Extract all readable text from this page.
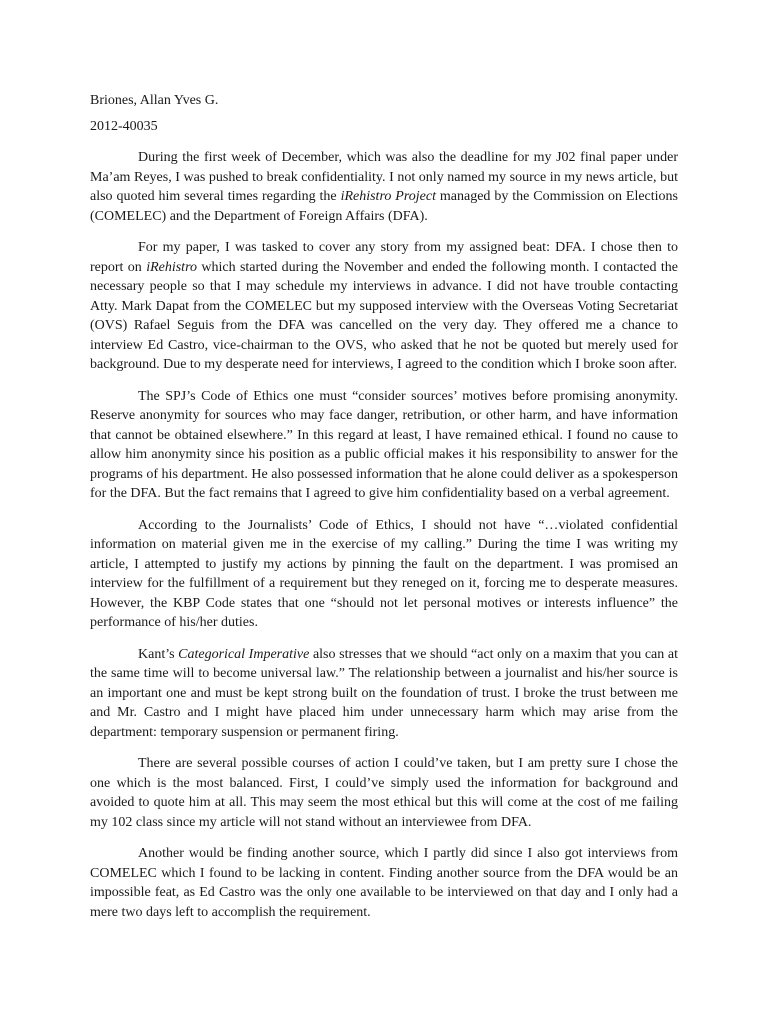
Briones, Allan Yves G.

2012-40035

During the first week of December, which was also the deadline for my J02 final paper under Ma’am Reyes, I was pushed to break confidentiality. I not only named my source in my news article, but also quoted him several times regarding the iRehistro Project managed by the Commission on Elections (COMELEC) and the Department of Foreign Affairs (DFA).

For my paper, I was tasked to cover any story from my assigned beat: DFA. I chose then to report on iRehistro which started during the November and ended the following month. I contacted the necessary people so that I may schedule my interviews in advance. I did not have trouble contacting Atty. Mark Dapat from the COMELEC but my supposed interview with the Overseas Voting Secretariat (OVS) Rafael Seguis from the DFA was cancelled on the very day. They offered me a chance to interview Ed Castro, vice-chairman to the OVS, who asked that he not be quoted but merely used for background. Due to my desperate need for interviews, I agreed to the condition which I broke soon after.

The SPJ’s Code of Ethics one must “consider sources’ motives before promising anonymity. Reserve anonymity for sources who may face danger, retribution, or other harm, and have information that cannot be obtained elsewhere.” In this regard at least, I have remained ethical. I found no cause to allow him anonymity since his position as a public official makes it his responsibility to answer for the programs of his department. He also possessed information that he alone could deliver as a spokesperson for the DFA. But the fact remains that I agreed to give him confidentiality based on a verbal agreement.

According to the Journalists’ Code of Ethics, I should not have “…violated confidential information on material given me in the exercise of my calling.” During the time I was writing my article, I attempted to justify my actions by pinning the fault on the department. I was promised an interview for the fulfillment of a requirement but they reneged on it, forcing me to desperate measures. However, the KBP Code states that one “should not let personal motives or interests influence” the performance of his/her duties.

Kant’s Categorical Imperative also stresses that we should “act only on a maxim that you can at the same time will to become universal law.” The relationship between a journalist and his/her source is an important one and must be kept strong built on the foundation of trust. I broke the trust between me and Mr. Castro and I might have placed him under unnecessary harm which may arise from the department: temporary suspension or permanent firing.

There are several possible courses of action I could’ve taken, but I am pretty sure I chose the one which is the most balanced. First, I could’ve simply used the information for background and avoided to quote him at all. This may seem the most ethical but this will come at the cost of me failing my 102 class since my article will not stand without an interviewee from DFA.

Another would be finding another source, which I partly did since I also got interviews from COMELEC which I found to be lacking in content. Finding another source from the DFA would be an impossible feat, as Ed Castro was the only one available to be interviewed on that day and I only had a mere two days left to accomplish the requirement.
